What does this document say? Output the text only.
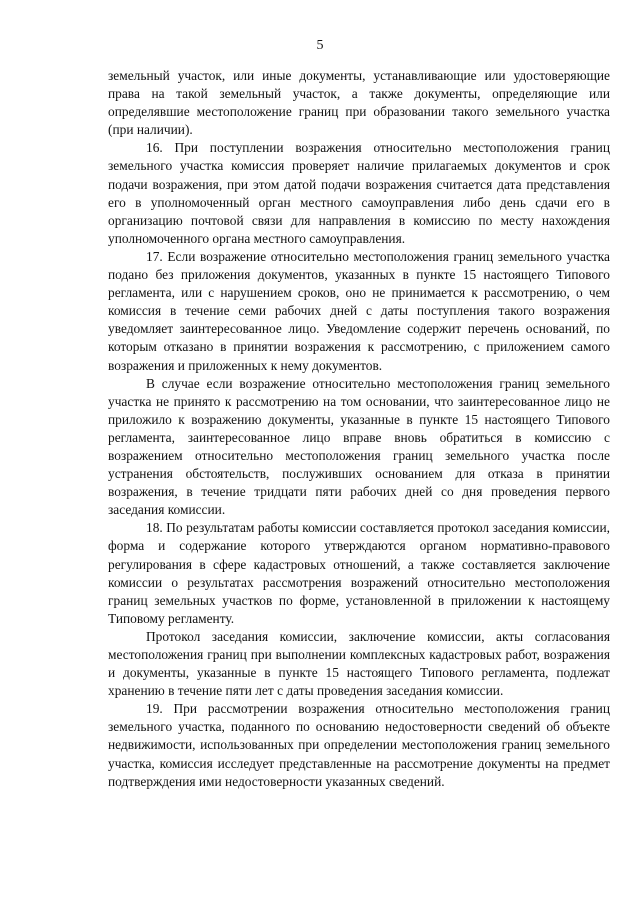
5

земельный участок, или иные документы, устанавливающие или удостоверяющие права на такой земельный участок, а также документы, определяющие или определявшие местоположение границ при образовании такого земельного участка (при наличии).

16. При поступлении возражения относительно местоположения границ земельного участка комиссия проверяет наличие прилагаемых документов и срок подачи возражения, при этом датой подачи возражения считается дата представления его в уполномоченный орган местного самоуправления либо день сдачи его в организацию почтовой связи для направления в комиссию по месту нахождения уполномоченного органа местного самоуправления.

17. Если возражение относительно местоположения границ земельного участка подано без приложения документов, указанных в пункте 15 настоящего Типового регламента, или с нарушением сроков, оно не принимается к рассмотрению, о чем комиссия в течение семи рабочих дней с даты поступления такого возражения уведомляет заинтересованное лицо. Уведомление содержит перечень оснований, по которым отказано в принятии возражения к рассмотрению, с приложением самого возражения и приложенных к нему документов.

В случае если возражение относительно местоположения границ земельного участка не принято к рассмотрению на том основании, что заинтересованное лицо не приложило к возражению документы, указанные в пункте 15 настоящего Типового регламента, заинтересованное лицо вправе вновь обратиться в комиссию с возражением относительно местоположения границ земельного участка после устранения обстоятельств, послуживших основанием для отказа в принятии возражения, в течение тридцати пяти рабочих дней со дня проведения первого заседания комиссии.

18. По результатам работы комиссии составляется протокол заседания комиссии, форма и содержание которого утверждаются органом нормативно-правового регулирования в сфере кадастровых отношений, а также составляется заключение комиссии о результатах рассмотрения возражений относительно местоположения границ земельных участков по форме, установленной в приложении к настоящему Типовому регламенту.

Протокол заседания комиссии, заключение комиссии, акты согласования местоположения границ при выполнении комплексных кадастровых работ, возражения и документы, указанные в пункте 15 настоящего Типового регламента, подлежат хранению в течение пяти лет с даты проведения заседания комиссии.

19. При рассмотрении возражения относительно местоположения границ земельного участка, поданного по основанию недостоверности сведений об объекте недвижимости, использованных при определении местоположения границ земельного участка, комиссия исследует представленные на рассмотрение документы на предмет подтверждения ими недостоверности указанных сведений.
